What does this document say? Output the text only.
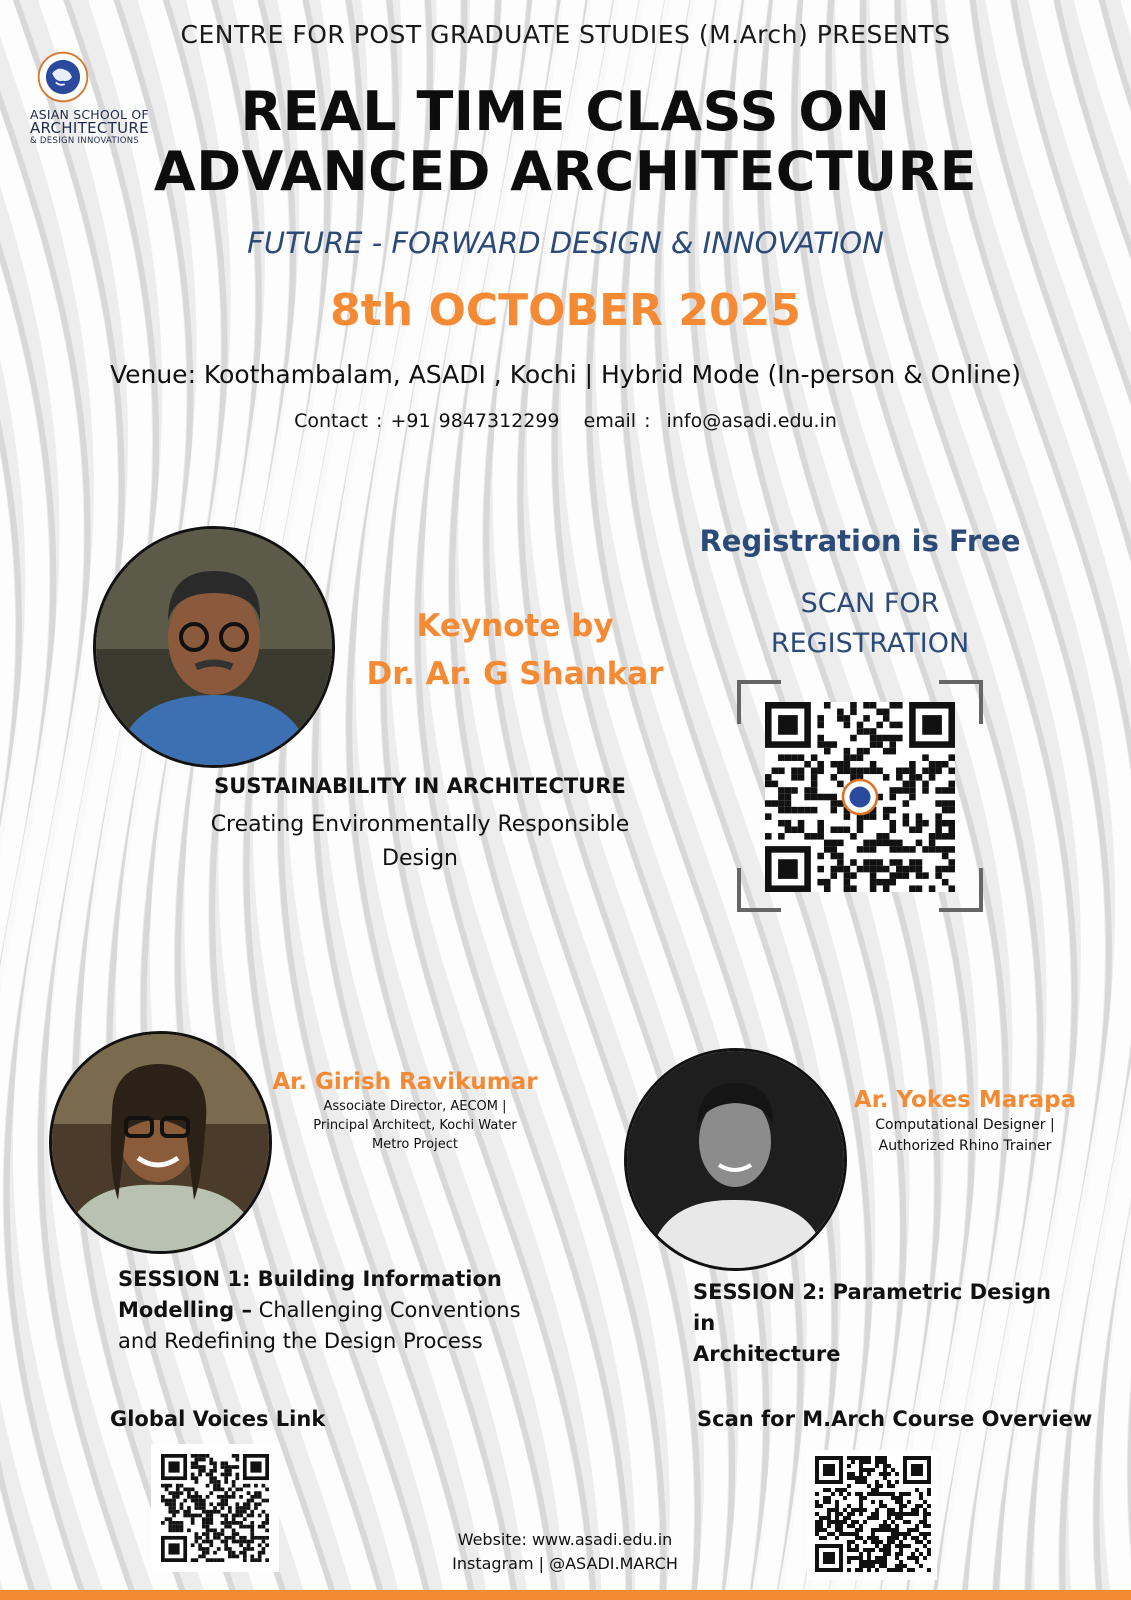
ASIAN SCHOOL OF
ARCHITECTURE
& DESIGN INNOVATIONS
CENTRE FOR POST GRADUATE STUDIES (M.Arch) PRESENTS
REAL TIME CLASS ON
ADVANCED ARCHITECTURE
FUTURE - FORWARD DESIGN & INNOVATION
8th OCTOBER 2025
Venue: Koothambalam, ASADI , Kochi | Hybrid Mode (In-person & Online)
Contact : +91 9847312299   email :  info@asadi.edu.in
Keynote by
Dr. Ar. G Shankar
SUSTAINABILITY IN ARCHITECTURE
Creating Environmentally Responsible
Design
Registration is Free
SCAN FOR
REGISTRATION
Ar. Girish Ravikumar
Associate Director, AECOM |
Principal Architect, Kochi Water
Metro Project
SESSION 1: Building Information
Modelling – Challenging Conventions
and Redefining the Design Process
Ar. Yokes Marapa
Computational Designer |
Authorized Rhino Trainer
SESSION 2: Parametric Design in
Architecture
Global Voices Link	Scan for M.Arch Course Overview
Website: www.asadi.edu.in
Instagram | @ASADI.MARCH
